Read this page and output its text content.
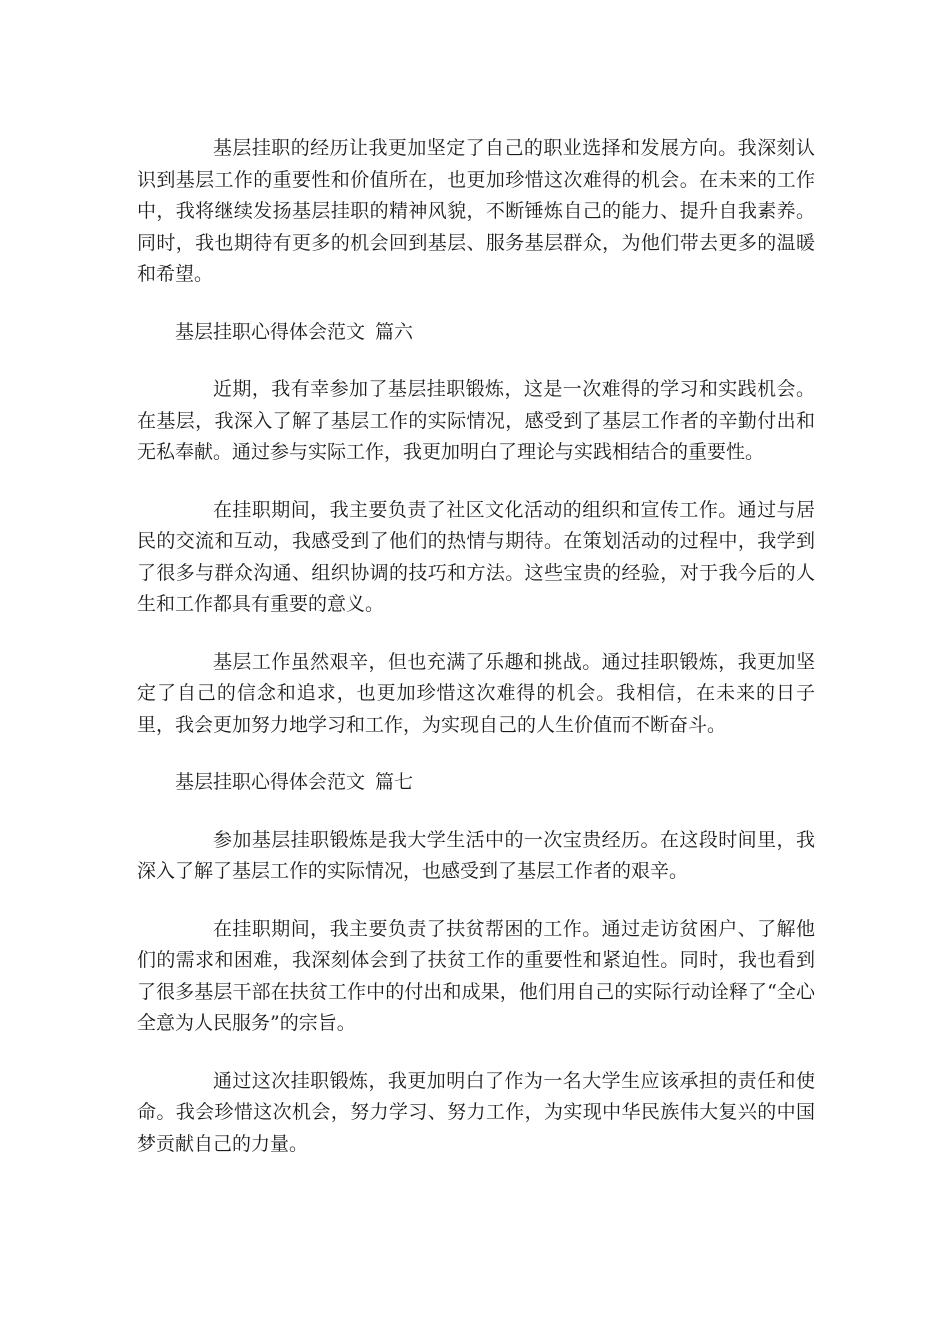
基层挂职的经历让我更加坚定了自己的职业选择和发展方向。我深刻认识到基层工作的重要性和价值所在，也更加珍惜这次难得的机会。在未来的工作中，我将继续发扬基层挂职的精神风貌，不断锤炼自己的能力、提升自我素养。同时，我也期待有更多的机会回到基层、服务基层群众，为他们带去更多的温暖和希望。

基层挂职心得体会范文 篇六

近期，我有幸参加了基层挂职锻炼，这是一次难得的学习和实践机会。在基层，我深入了解了基层工作的实际情况，感受到了基层工作者的辛勤付出和无私奉献。通过参与实际工作，我更加明白了理论与实践相结合的重要性。

在挂职期间，我主要负责了社区文化活动的组织和宣传工作。通过与居民的交流和互动，我感受到了他们的热情与期待。在策划活动的过程中，我学到了很多与群众沟通、组织协调的技巧和方法。这些宝贵的经验，对于我今后的人生和工作都具有重要的意义。

基层工作虽然艰辛，但也充满了乐趣和挑战。通过挂职锻炼，我更加坚定了自己的信念和追求，也更加珍惜这次难得的机会。我相信，在未来的日子里，我会更加努力地学习和工作，为实现自己的人生价值而不断奋斗。

基层挂职心得体会范文 篇七

参加基层挂职锻炼是我大学生活中的一次宝贵经历。在这段时间里，我深入了解了基层工作的实际情况，也感受到了基层工作者的艰辛。

在挂职期间，我主要负责了扶贫帮困的工作。通过走访贫困户、了解他们的需求和困难，我深刻体会到了扶贫工作的重要性和紧迫性。同时，我也看到了很多基层干部在扶贫工作中的付出和成果，他们用自己的实际行动诠释了“全心全意为人民服务”的宗旨。

通过这次挂职锻炼，我更加明白了作为一名大学生应该承担的责任和使命。我会珍惜这次机会，努力学习、努力工作，为实现中华民族伟大复兴的中国梦贡献自己的力量。
